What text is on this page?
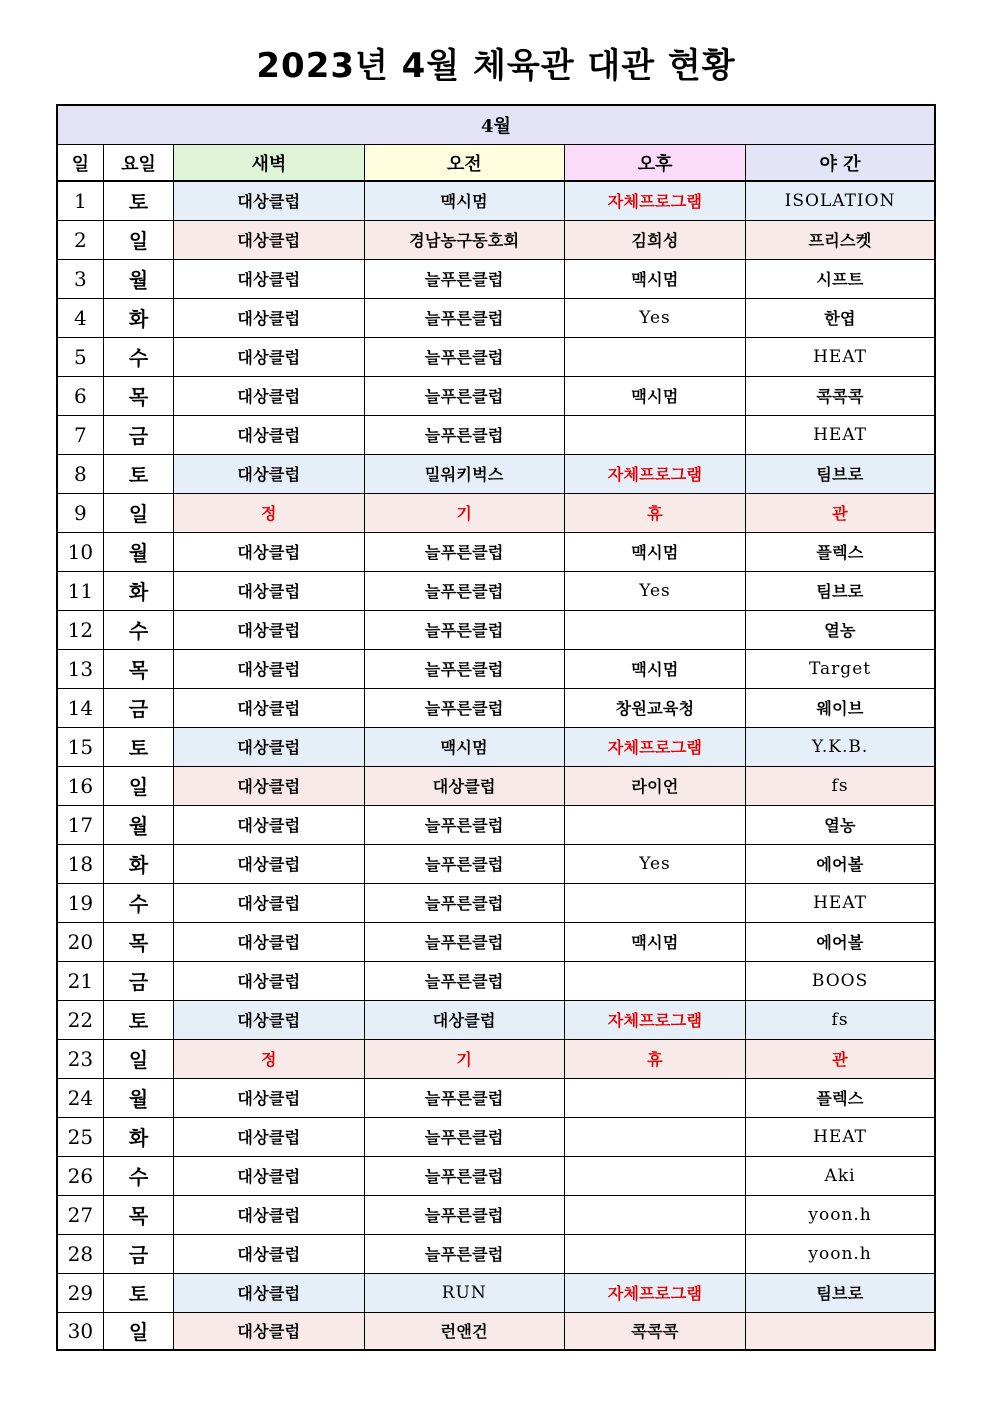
2023년 4월 체육관 대관 현황
4월					
일	요일	새벽	오전	오후	야 간
1	토	대상클럽	맥시멈	자체프로그램	ISOLATION
2	일	대상클럽	경남농구동호회	김희성	프리스켓
3	월	대상클럽	늘푸른클럽	맥시멈	시프트
4	화	대상클럽	늘푸른클럽	Yes	한엽
5	수	대상클럽	늘푸른클럽		HEAT
6	목	대상클럽	늘푸른클럽	맥시멈	콕콕콕
7	금	대상클럽	늘푸른클럽		HEAT
8	토	대상클럽	밀워키벅스	자체프로그램	팀브로
9	일	정	기	휴	관
10	월	대상클럽	늘푸른클럽	맥시멈	플렉스
11	화	대상클럽	늘푸른클럽	Yes	팀브로
12	수	대상클럽	늘푸른클럽		열농
13	목	대상클럽	늘푸른클럽	맥시멈	Target
14	금	대상클럽	늘푸른클럽	창원교육청	웨이브
15	토	대상클럽	맥시멈	자체프로그램	Y.K.B.
16	일	대상클럽	대상클럽	라이언	fs
17	월	대상클럽	늘푸른클럽		열농
18	화	대상클럽	늘푸른클럽	Yes	에어볼
19	수	대상클럽	늘푸른클럽		HEAT
20	목	대상클럽	늘푸른클럽	맥시멈	에어볼
21	금	대상클럽	늘푸른클럽		BOOS
22	토	대상클럽	대상클럽	자체프로그램	fs
23	일	정	기	휴	관
24	월	대상클럽	늘푸른클럽		플렉스
25	화	대상클럽	늘푸른클럽		HEAT
26	수	대상클럽	늘푸른클럽		Aki
27	목	대상클럽	늘푸른클럽		yoon.h
28	금	대상클럽	늘푸른클럽		yoon.h
29	토	대상클럽	RUN	자체프로그램	팀브로
30	일	대상클럽	런앤건	콕콕콕	
